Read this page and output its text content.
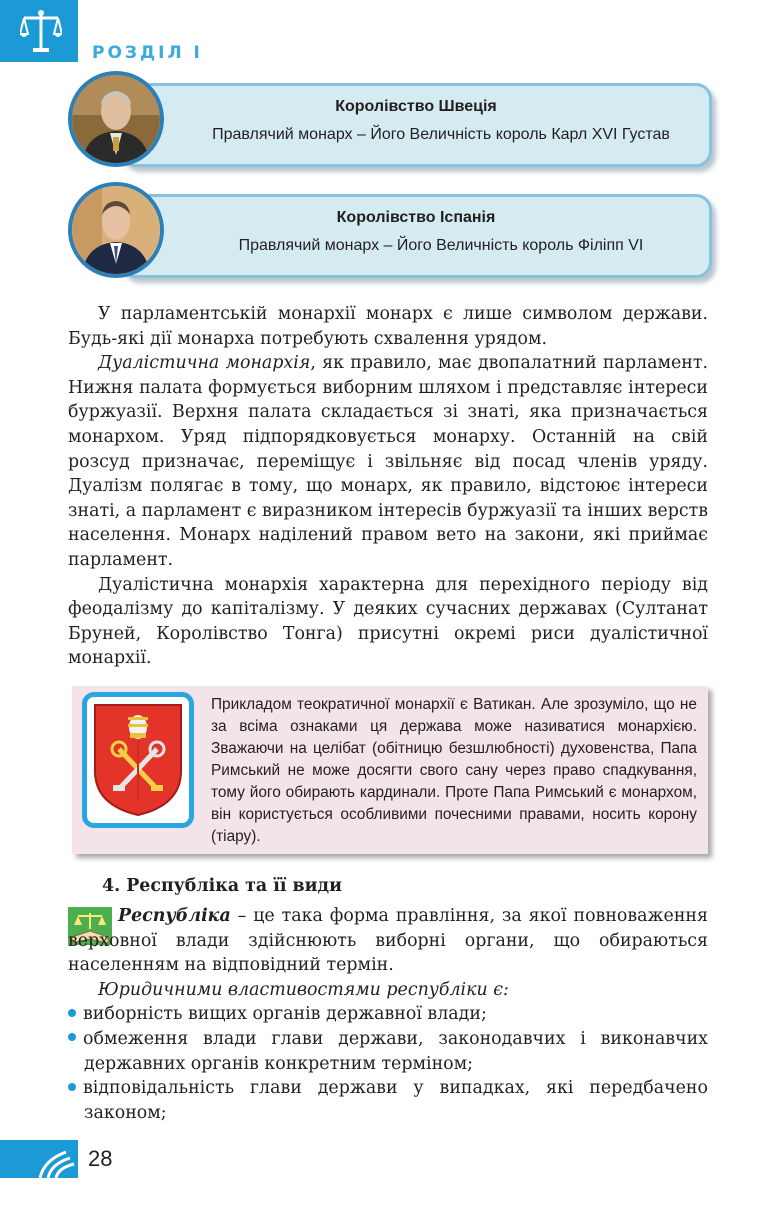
РОЗДІЛ І
Королівство Швеція
Правлячий монарх – Його Величність король Карл XVI Густав
Королівство Іспанія
Правлячий монарх – Його Величність король Філіпп VI

У парламентській монархії монарх є лише символом держави. Будь-які дії монарха потребують схвалення урядом.

Дуалістична монархія, як правило, має двопалатний парламент. Нижня палата формується виборним шляхом і представляє інтереси буржуазії. Верхня палата складається зі знаті, яка призначається монархом. Уряд підпорядковується монарху. Останній на свій розсуд призначає, переміщує і звільняє від посад членів уряду. Дуалізм полягає в тому, що монарх, як правило, відстоює інтереси знаті, а парламент є виразником інтересів буржуазії та інших верств населення. Монарх наділений правом вето на закони, які приймає парламент.

Дуалістична монархія характерна для перехідного періоду від феодалізму до капіталізму. У деяких сучасних державах (Султанат Бруней, Королівство Тонга) присутні окремі риси дуалістичної монархії.

Прикладом теократичної монархії є Ватикан. Але зрозуміло, що не за всіма ознаками ця держава може називатися монархією. Зважаючи на целібат (обітницю безшлюбності) духовенства, Папа Римський не може досягти свого сану через право спадкування, тому його обирають кардинали. Проте Папа Римський є монархом, він користується особливими почесними правами, носить корону (тіару).
4. Республіка та її види

Республіка – це така форма правління, за якої повноваження верховної влади здійснюють виборні органи, що обираються населенням на відповідний термін.

Юридичними властивостями республіки є:

виборність вищих органів державної влади;

обмеження влади глави держави, законодавчих і виконавчих державних органів конкретним терміном;

відповідальність глави держави у випадках, які передбачено законом;

28
